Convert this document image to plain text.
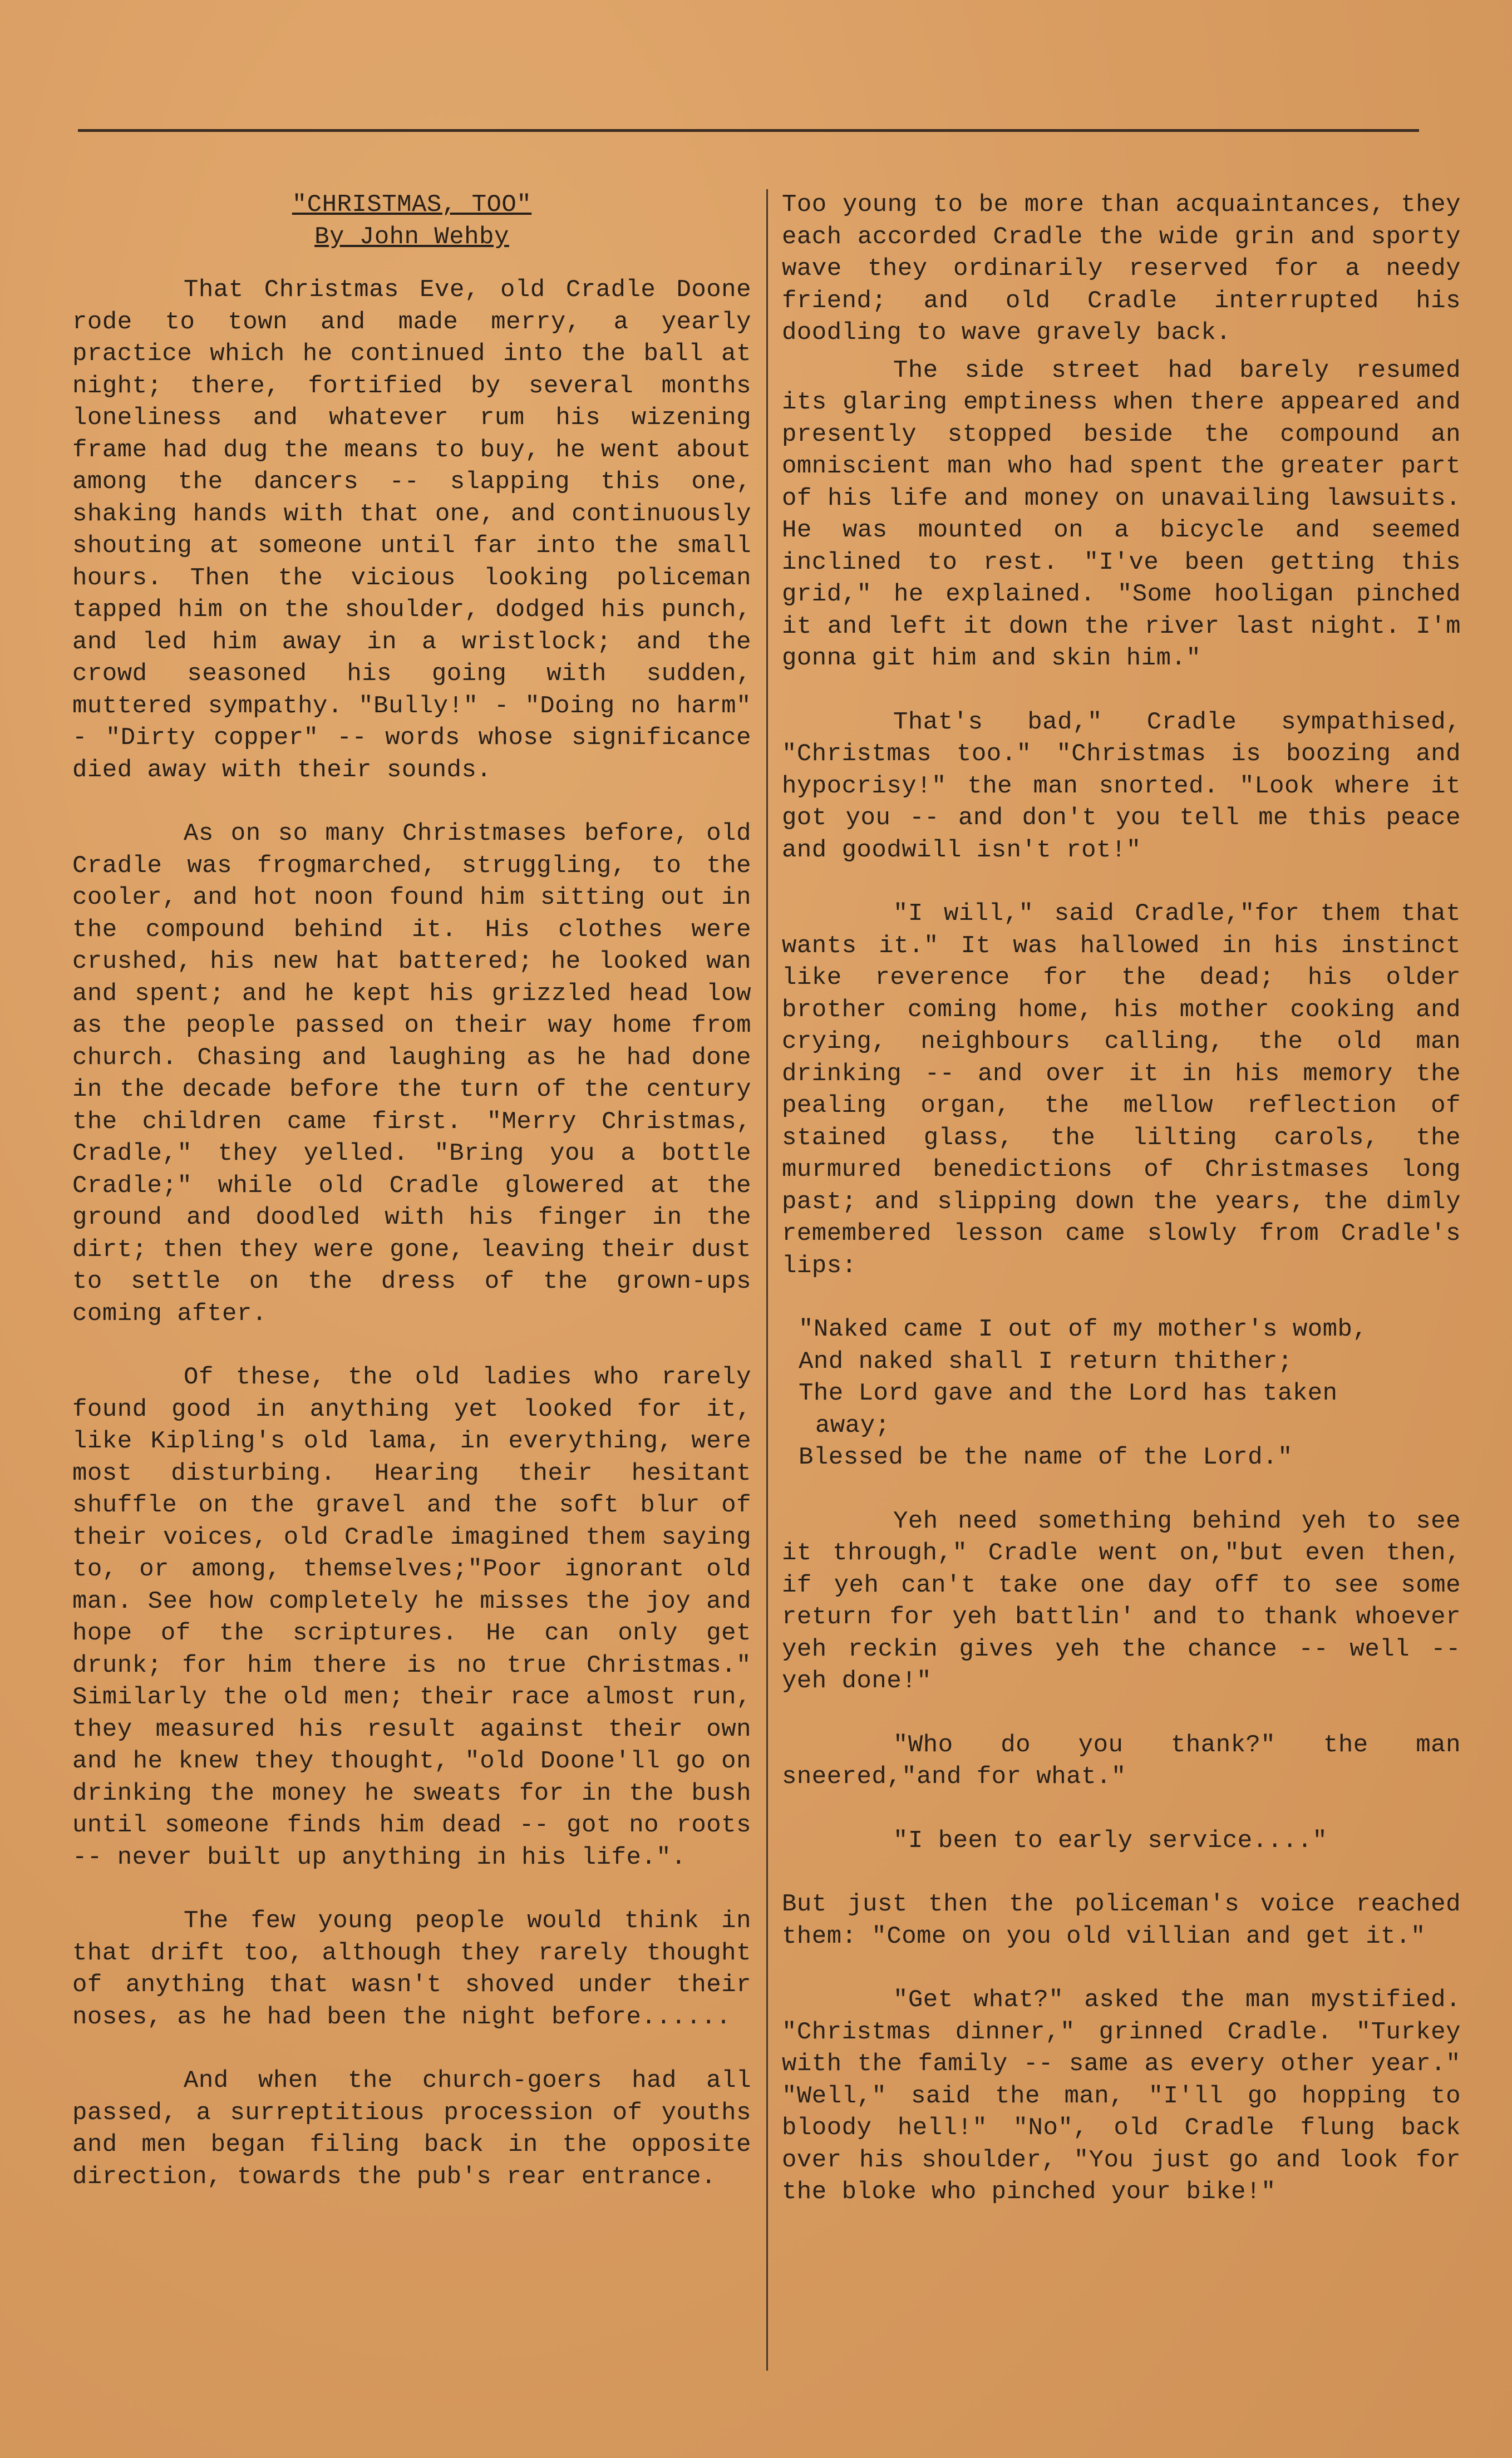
"CHRISTMAS, TOO"
By John Wehby

That Christmas Eve, old Cradle Doone rode to town and made merry, a yearly practice which he continued into the ball at night; there, fortified by several months loneliness and whatever rum his wizening frame had dug the means to buy, he went about among the dancers -- slapping this one, shaking hands with that one, and continuously shouting at someone until far into the small hours. Then the vicious looking policeman tapped him on the shoulder, dodged his punch, and led him away in a wristlock; and the crowd seasoned his going with sudden, muttered sympathy. "Bully!" - "Doing no harm" - "Dirty copper" -- words whose significance died away with their sounds.

As on so many Christmases before, old Cradle was frogmarched, struggling, to the cooler, and hot noon found him sitting out in the compound behind it. His clothes were crushed, his new hat battered; he looked wan and spent; and he kept his grizzled head low as the people passed on their way home from church. Chasing and laughing as he had done in the decade before the turn of the century the children came first. "Merry Christmas, Cradle," they yelled. "Bring you a bottle Cradle;" while old Cradle glowered at the ground and doodled with his finger in the dirt; then they were gone, leaving their dust to settle on the dress of the grown-ups coming after.

Of these, the old ladies who rarely found good in anything yet looked for it, like Kipling's old lama, in everything, were most disturbing. Hearing their hesitant shuffle on the gravel and the soft blur of their voices, old Cradle imagined them saying to, or among, themselves;"Poor ignorant old man. See how completely he misses the joy and hope of the scriptures. He can only get drunk; for him there is no true Christmas." Similarly the old men; their race almost run, they measured his result against their own and he knew they thought, "old Doone'll go on drinking the money he sweats for in the bush until someone finds him dead -- got no roots -- never built up anything in his life.".

The few young people would think in that drift too, although they rarely thought of anything that wasn't shoved under their noses, as he had been the night before......

And when the church-goers had all passed, a surreptitious procession of youths and men began filing back in the opposite direction, towards the pub's rear entrance.

Too young to be more than acquaintances, they each accorded Cradle the wide grin and sporty wave they ordinarily reserved for a needy friend; and old Cradle interrupted his doodling to wave gravely back.

The side street had barely resumed its glaring emptiness when there appeared and presently stopped beside the compound an omniscient man who had spent the greater part of his life and money on unavailing lawsuits. He was mounted on a bicycle and seemed inclined to rest. "I've been getting this grid," he explained. "Some hooligan pinched it and left it down the river last night. I'm gonna git him and skin him."

That's bad," Cradle sympathised, "Christmas too." "Christmas is boozing and hypocrisy!" the man snorted. "Look where it got you -- and don't you tell me this peace and goodwill isn't rot!"

"I will," said Cradle,"for them that wants it." It was hallowed in his instinct like reverence for the dead; his older brother coming home, his mother cooking and crying, neighbours calling, the old man drinking -- and over it in his memory the pealing organ, the mellow reflection of stained glass, the lilting carols, the murmured benedictions of Christmases long past; and slipping down the years, the dimly remembered lesson came slowly from Cradle's lips:

"Naked came I out of my mother's womb,
And naked shall I return thither;
The Lord gave and the Lord has taken
away;
Blessed be the name of the Lord."

Yeh need something behind yeh to see it through," Cradle went on,"but even then, if yeh can't take one day off to see some return for yeh battlin' and to thank whoever yeh reckin gives yeh the chance -- well -- yeh done!"

"Who do you thank?" the man sneered,"and for what."

"I been to early service...."

But just then the policeman's voice reached them: "Come on you old villian and get it."

"Get what?" asked the man mystified. "Christmas dinner," grinned Cradle. "Turkey with the family -- same as every other year." "Well," said the man, "I'll go hopping to bloody hell!" "No", old Cradle flung back over his shoulder, "You just go and look for the bloke who pinched your bike!"
